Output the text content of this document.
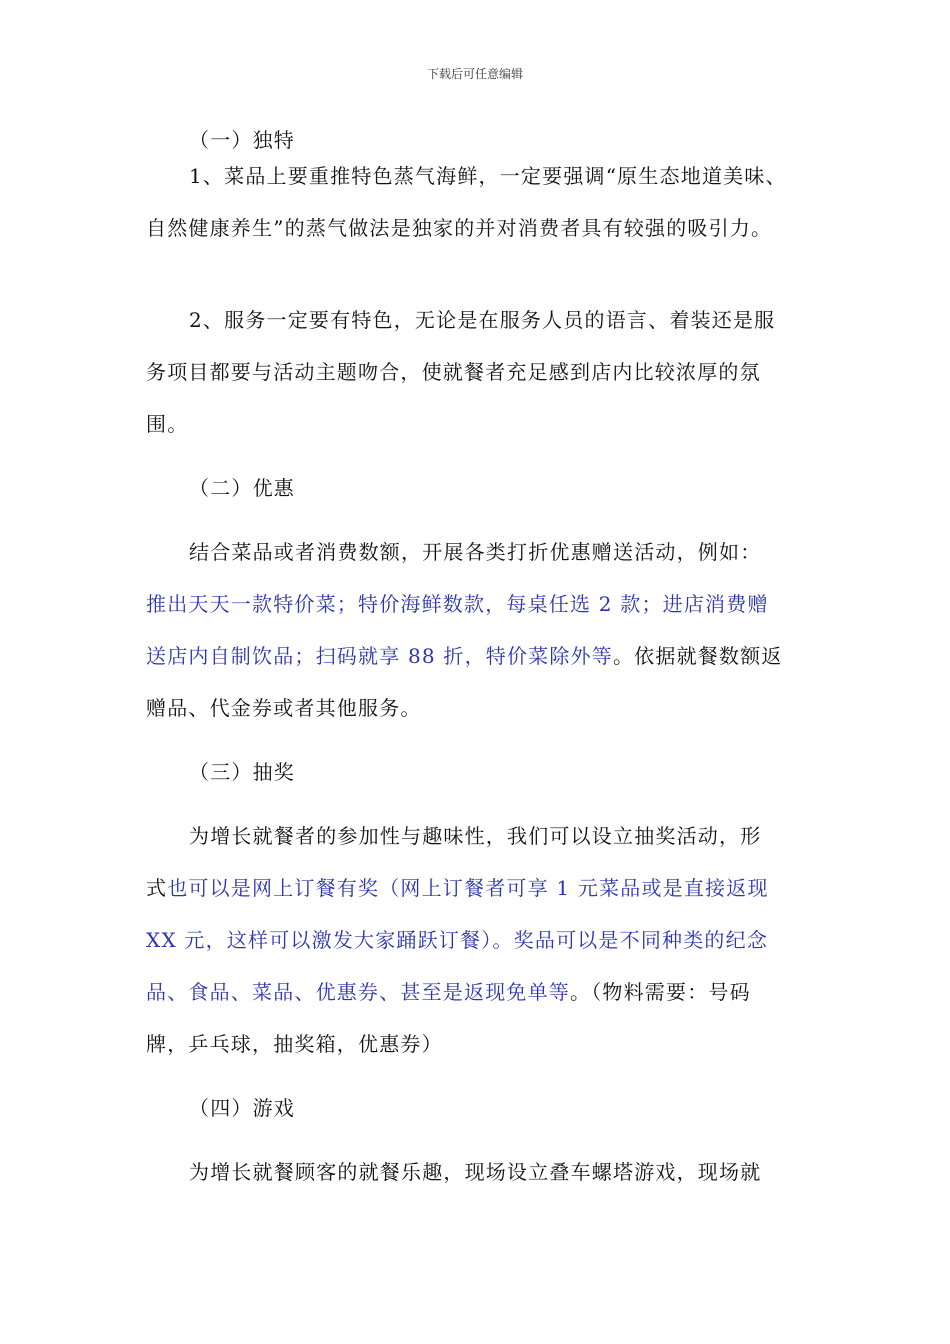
下载后可任意编辑
（一）独特
1、菜品上要重推特色蒸气海鲜，一定要强调“原生态地道美味、
自然健康养生”的蒸气做法是独家的并对消费者具有较强的吸引力。
2、服务一定要有特色，无论是在服务人员的语言、着装还是服
务项目都要与活动主题吻合，使就餐者充足感到店内比较浓厚的氛
围。
（二）优惠
结合菜品或者消费数额，开展各类打折优惠赠送活动，例如：
推出天天一款特价菜；特价海鲜数款，每桌任选 2 款；进店消费赠
送店内自制饮品；扫码就享 88 折，特价菜除外等。依据就餐数额返
赠品、代金券或者其他服务。
（三）抽奖
为增长就餐者的参加性与趣味性，我们可以设立抽奖活动，形
式也可以是网上订餐有奖（网上订餐者可享 1 元菜品或是直接返现
XX 元，这样可以激发大家踊跃订餐）。奖品可以是不同种类的纪念
品、食品、菜品、优惠券、甚至是返现免单等。（物料需要：号码
牌，乒乓球，抽奖箱，优惠券）
（四）游戏
为增长就餐顾客的就餐乐趣，现场设立叠车螺塔游戏，现场就
